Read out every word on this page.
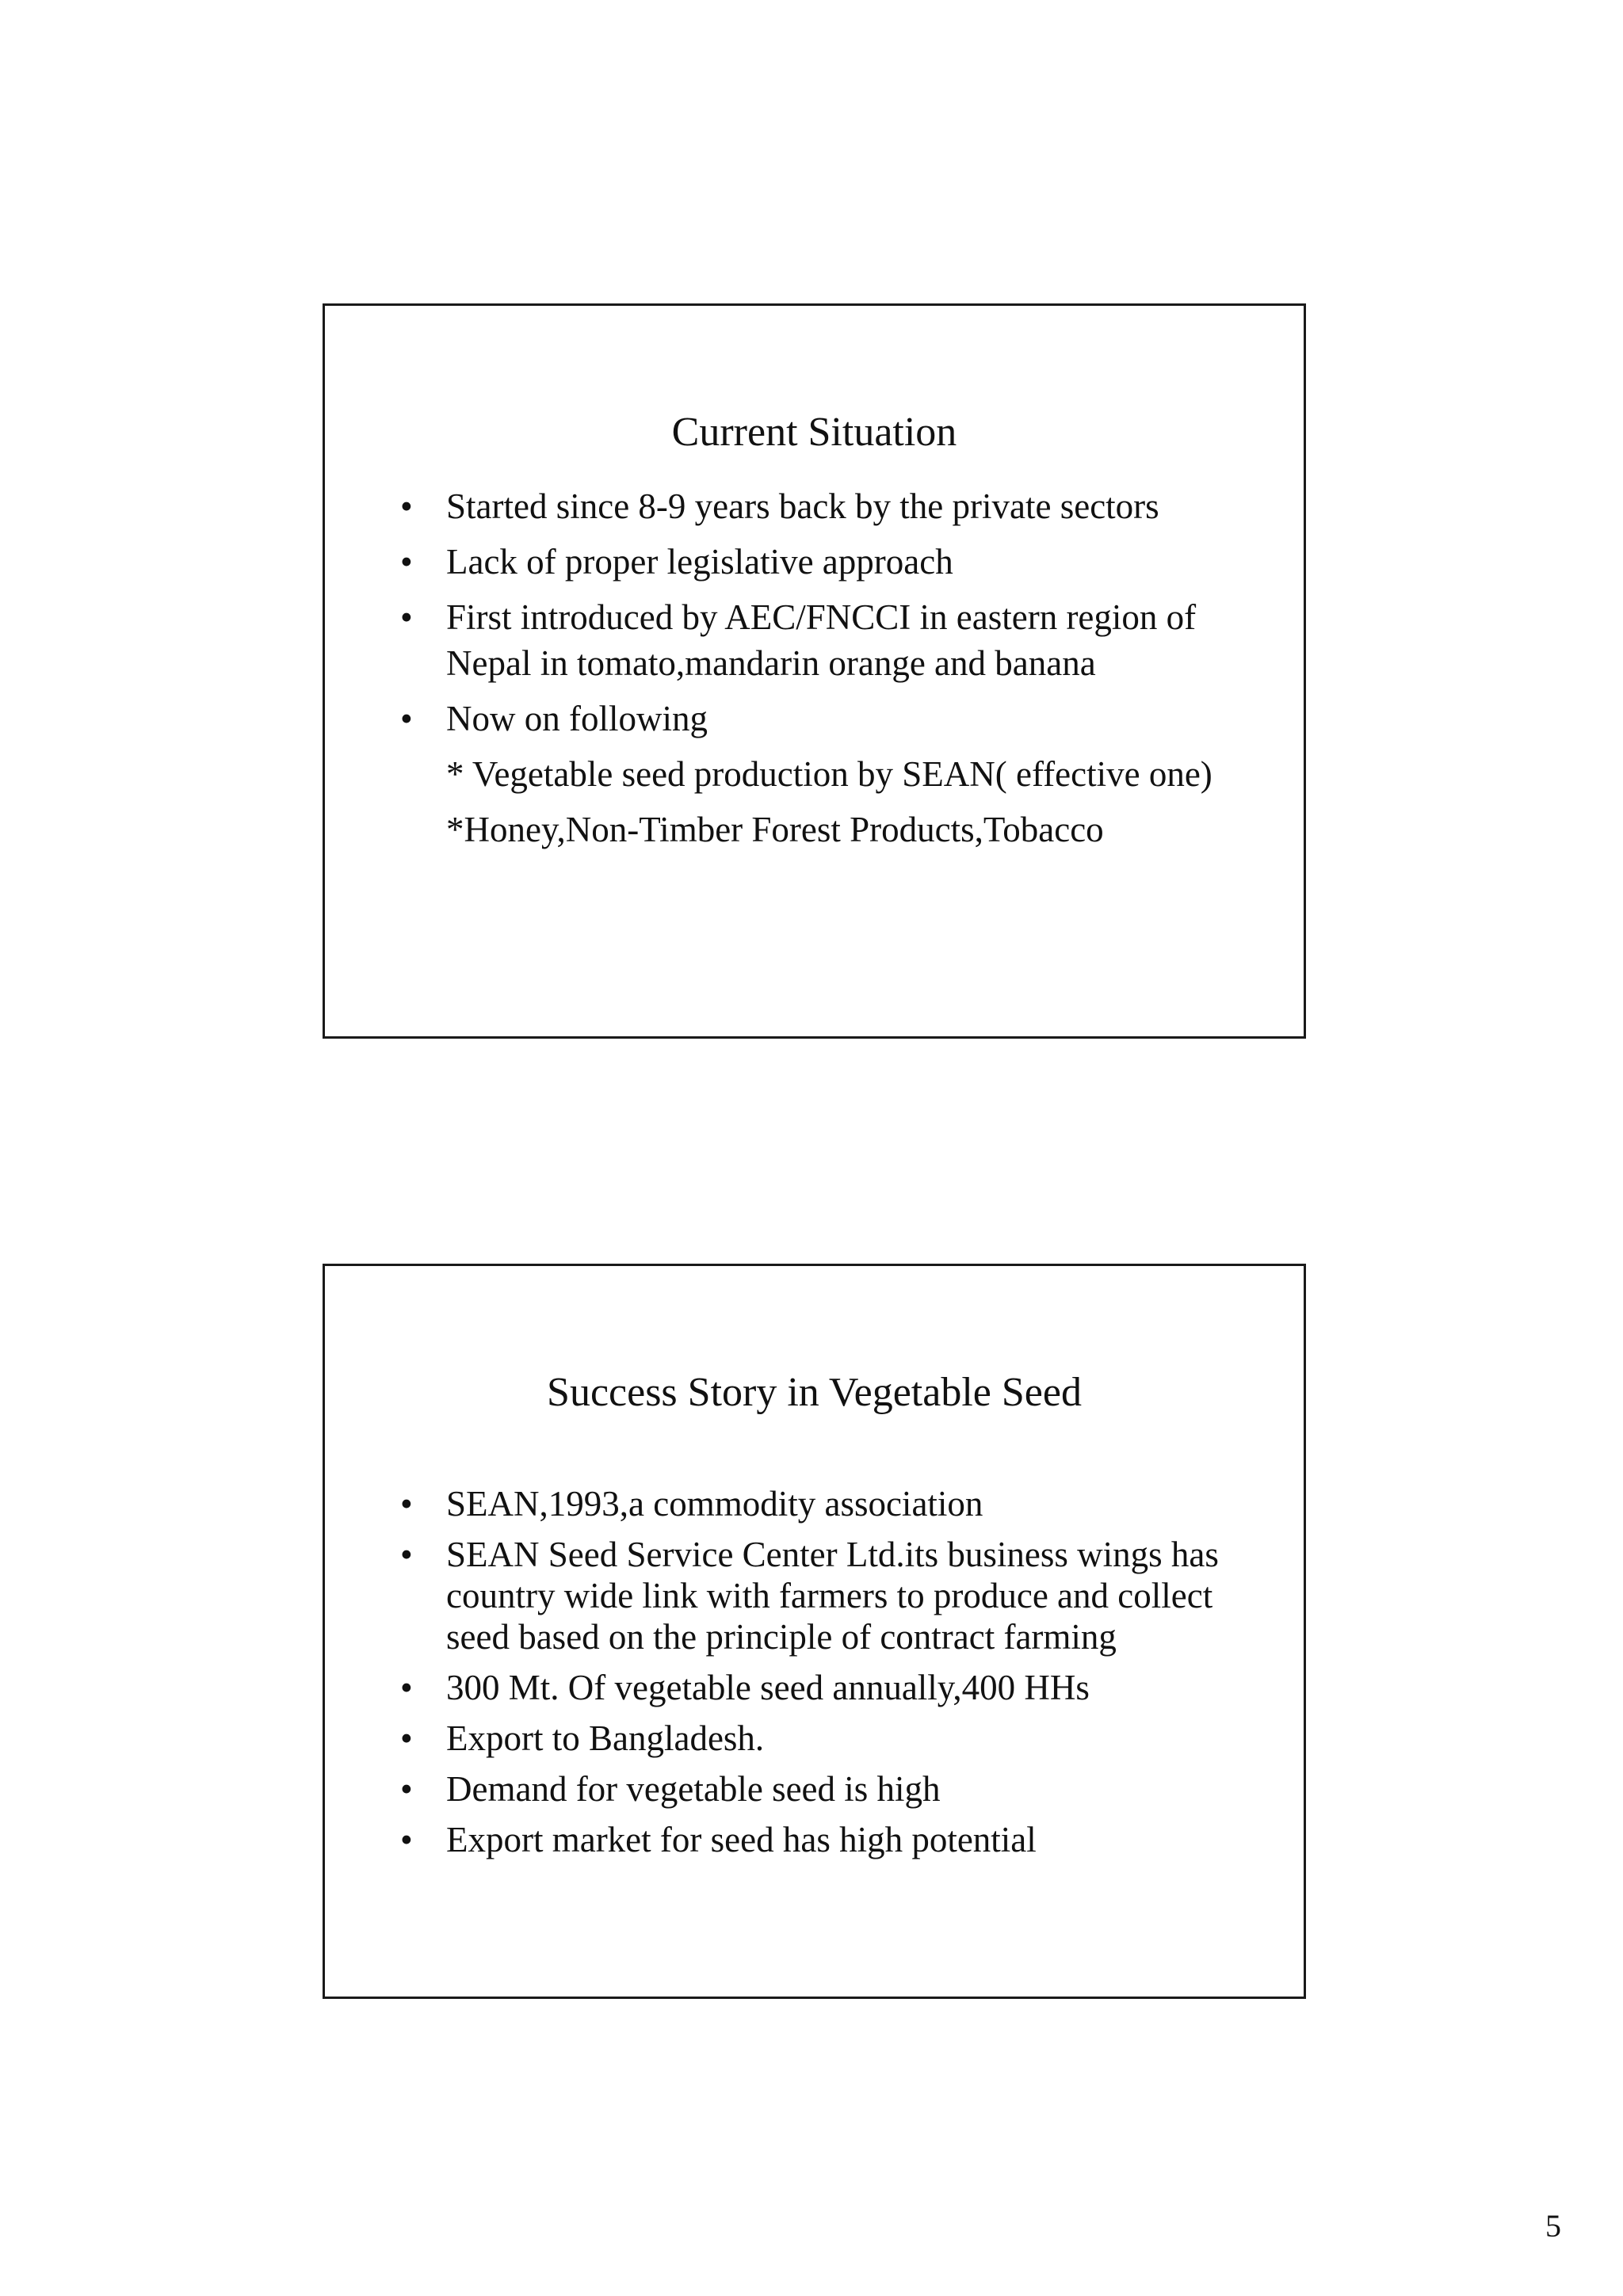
Current Situation
• Started since 8-9 years back by the private sectors
• Lack of proper legislative approach
• First introduced by AEC/FNCCI in eastern region of Nepal in tomato,mandarin orange and banana
• Now on following
* Vegetable seed production by SEAN( effective one)
*Honey,Non-Timber Forest Products,Tobacco
Success Story in Vegetable Seed
• SEAN,1993,a commodity association
• SEAN Seed Service Center Ltd.its business wings has country wide link with farmers to produce and collect seed based on the principle of contract farming
• 300 Mt. Of vegetable seed annually,400 HHs
• Export to Bangladesh.
• Demand for vegetable seed is high
• Export market for seed has high potential
5
